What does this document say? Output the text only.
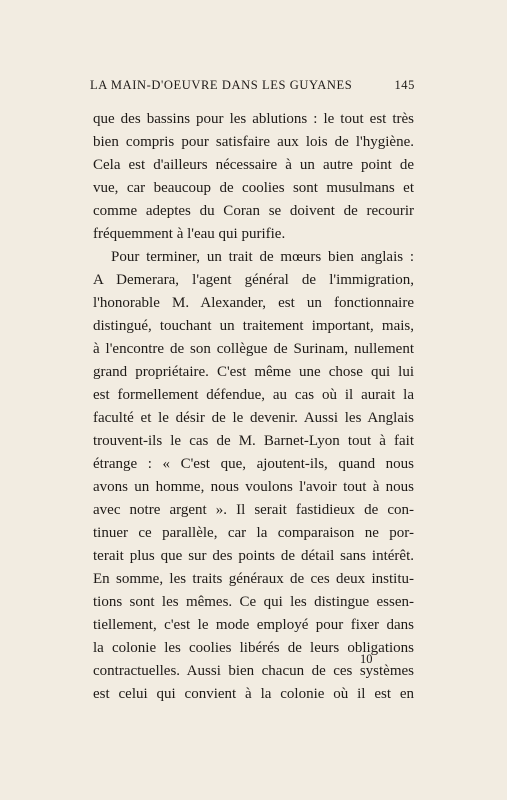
LA MAIN-D'OEUVRE DANS LES GUYANES	145
que des bassins pour les ablutions : le tout est très
bien compris pour satisfaire aux lois de l'hygiène.
Cela est d'ailleurs nécessaire à un autre point de
vue, car beaucoup de coolies sont musulmans et
comme adeptes du Coran se doivent de recourir
fréquemment à l'eau qui purifie.
Pour terminer, un trait de mœurs bien anglais :
A Demerara, l'agent général de l'immigration,
l'honorable M. Alexander, est un fonctionnaire
distingué, touchant un traitement important, mais,
à l'encontre de son collègue de Surinam, nullement
grand propriétaire. C'est même une chose qui lui
est formellement défendue, au cas où il aurait la
faculté et le désir de le devenir. Aussi les Anglais
trouvent-ils le cas de M. Barnet-Lyon tout à fait
étrange : « C'est que, ajoutent-ils, quand nous
avons un homme, nous voulons l'avoir tout à nous
avec notre argent ». Il serait fastidieux de con-
tinuer ce parallèle, car la comparaison ne por-
terait plus que sur des points de détail sans intérêt.
En somme, les traits généraux de ces deux institu-
tions sont les mêmes. Ce qui les distingue essen-
tiellement, c'est le mode employé pour fixer dans
la colonie les coolies libérés de leurs obligations
contractuelles. Aussi bien chacun de ces systèmes
est celui qui convient à la colonie où il est en
10
